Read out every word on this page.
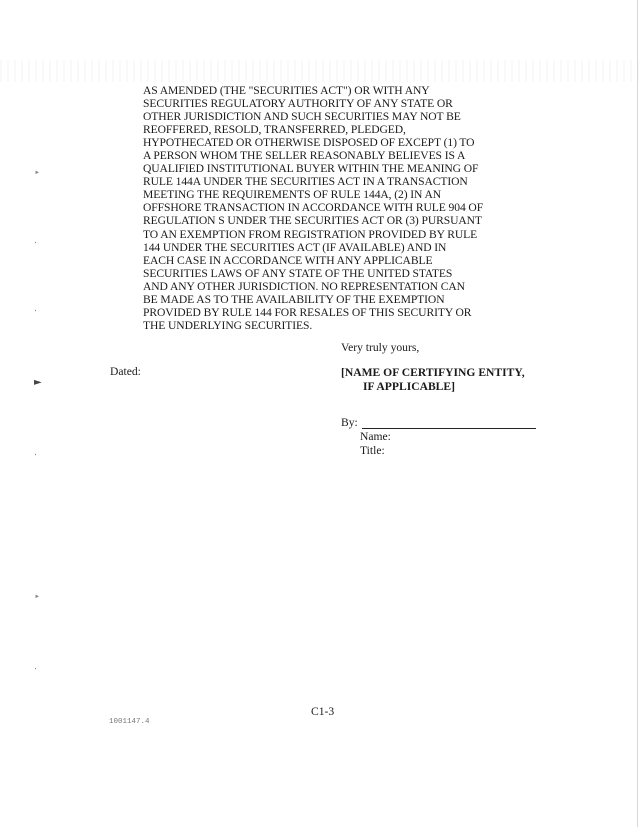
‣
⋅
⋅
►
⋅
‣
⋅
AS AMENDED (THE "SECURITIES ACT") OR WITH ANY
SECURITIES REGULATORY AUTHORITY OF ANY STATE OR
OTHER JURISDICTION AND SUCH SECURITIES MAY NOT BE
REOFFERED, RESOLD, TRANSFERRED, PLEDGED,
HYPOTHECATED OR OTHERWISE DISPOSED OF EXCEPT (1) TO
A PERSON WHOM THE SELLER REASONABLY BELIEVES IS A
QUALIFIED INSTITUTIONAL BUYER WITHIN THE MEANING OF
RULE 144A UNDER THE SECURITIES ACT IN A TRANSACTION
MEETING THE REQUIREMENTS OF RULE 144A, (2) IN AN
OFFSHORE TRANSACTION IN ACCORDANCE WITH RULE 904 OF
REGULATION S UNDER THE SECURITIES ACT OR (3) PURSUANT
TO AN EXEMPTION FROM REGISTRATION PROVIDED BY RULE
144 UNDER THE SECURITIES ACT (IF AVAILABLE) AND IN
EACH CASE IN ACCORDANCE WITH ANY APPLICABLE
SECURITIES LAWS OF ANY STATE OF THE UNITED STATES
AND ANY OTHER JURISDICTION. NO REPRESENTATION CAN
BE MADE AS TO THE AVAILABILITY OF THE EXEMPTION
PROVIDED BY RULE 144 FOR RESALES OF THIS SECURITY OR
THE UNDERLYING SECURITIES.
Very truly yours,
Dated:	[NAME OF CERTIFYING ENTITY,
IF APPLICABLE]
By:
Name:
Title:
C1-3
1001147.4
